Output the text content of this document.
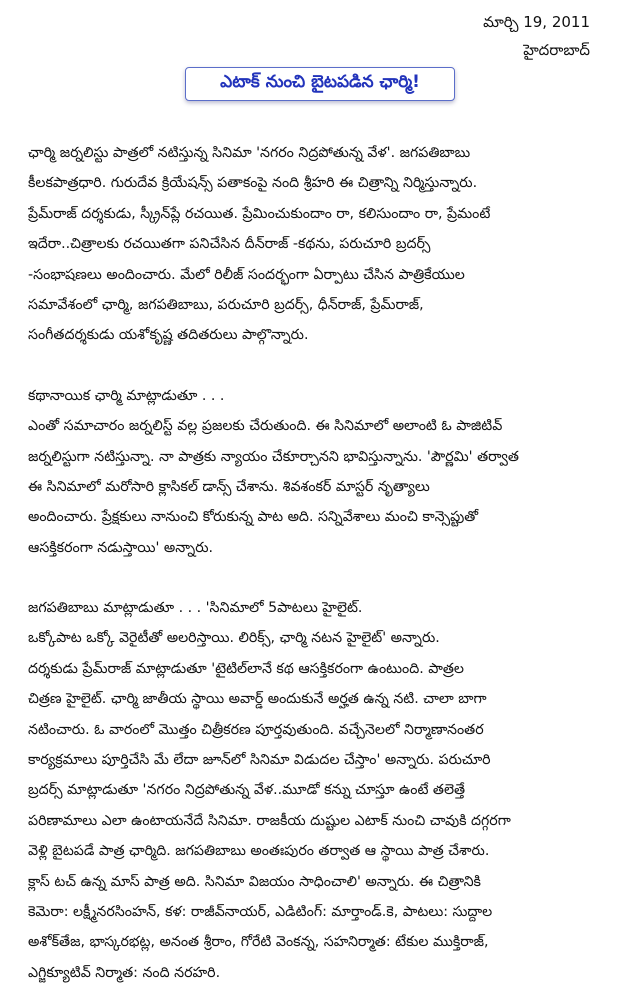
మార్చి 19, 2011
హైదరాబాద్
ఎటాక్ నుంచి బైటపడిన ఛార్మి!
ఛార్మి జర్నలిస్టు పాత్రలో నటిస్తున్న సినిమా 'నగరం నిద్రపోతున్న వేళ'. జగపతిబాబు
కీలకపాత్రధారి. గురుదేవ క్రియేషన్స్ పతాకంపై నంది శ్రీహరి ఈ చిత్రాన్ని నిర్మిస్తున్నారు.
ప్రేమ్‌రాజ్ దర్శకుడు, స్క్రీన్‌ప్లే రచయిత. ప్రేమించుకుందాం రా, కలిసుందాం రా, ప్రేమంటే
ఇదేరా..చిత్రాలకు రచయితగా పనిచేసిన దీన్‌రాజ్ -కథను, పరుచూరి బ్రదర్స్
-సంభాషణలు అందించారు. మేలో రిలీజ్ సందర్భంగా ఏర్పాటు చేసిన పాత్రికేయుల
సమావేశంలో ఛార్మి, జగపతిబాబు, పరుచూరి బ్రదర్స్, ధీన్‌రాజ్, ప్రేమ్‌రాజ్,
సంగీతదర్శకుడు యశోకృష్ణ తదితరులు పాల్గొన్నారు.
కథానాయిక ఛార్మి మాట్లాడుతూ . . .
ఎంతో సమాచారం జర్నలిస్ట్ వల్ల ప్రజలకు చేరుతుంది. ఈ సినిమాలో అలాంటి ఓ పాజిటివ్
జర్నలిస్టుగా నటిస్తున్నా. నా పాత్రకు న్యాయం చేకూర్చానని భావిస్తున్నాను. 'పౌర్ణమి' తర్వాత
ఈ సినిమాలో మరోసారి క్లాసికల్ డాన్స్ చేశాను. శివశంకర్ మాస్టర్ నృత్యాలు
అందించారు. ప్రేక్షకులు నానుంచి కోరుకున్న పాట అది. సన్నివేశాలు మంచి కాన్సెప్టుతో
ఆసక్తికరంగా నడుస్తాయి' అన్నారు.
జగపతిబాబు మాట్లాడుతూ . . . 'సినిమాలో 5పాటలు హైలైట్.
ఒక్కోపాట ఒక్కో వెరైటీతో అలరిస్తాయి. లిరిక్స్, ఛార్మి నటన హైలైట్' అన్నారు.
దర్శకుడు ప్రేమ్‌రాజ్ మాట్లాడుతూ 'టైటిల్‌లానే కథ ఆసక్తికరంగా ఉంటుంది. పాత్రల
చిత్రణ హైలైట్. ఛార్మి జాతీయ స్థాయి అవార్డ్ అందుకునే అర్హత ఉన్న నటి. చాలా బాగా
నటించారు. ఓ వారంలో మొత్తం చిత్రీకరణ పూర్తవుతుంది. వచ్చేనెలలో నిర్మాణానంతర
కార్యక్రమాలు పూర్తిచేసి మే లేదా జూన్‌లో సినిమా విడుదల చేస్తాం' అన్నారు. పరుచూరి
బ్రదర్స్ మాట్లాడుతూ 'నగరం నిద్రపోతున్న వేళ..మూడో కన్ను చూస్తూ ఉంటే తలెత్తే
పరిణామాలు ఎలా ఉంటాయనేదే సినిమా. రాజకీయ దుష్టుల ఎటాక్ నుంచి చావుకి దగ్గరగా
వెళ్లి బైటపడే పాత్ర ఛార్మిది. జగపతిబాబు అంతఃపురం తర్వాత ఆ స్థాయి పాత్ర చేశారు.
క్లాస్ టచ్ ఉన్న మాస్ పాత్ర అది. సినిమా విజయం సాధించాలి' అన్నారు. ఈ చిత్రానికి
కెమెరా: లక్ష్మీనరసింహన్, కళ: రాజీవ్‌నాయర్, ఎడిటింగ్: మార్తాండ్.కె, పాటలు: సుద్దాల
అశోక్‌తేజ, భాస్కరభట్ల, అనంత శ్రీరాం, గోరేటి వెంకన్న, సహనిర్మాత: టేకుల ముక్తిరాజ్,
ఎగ్జిక్యూటివ్ నిర్మాత: నంది నరహరి.
